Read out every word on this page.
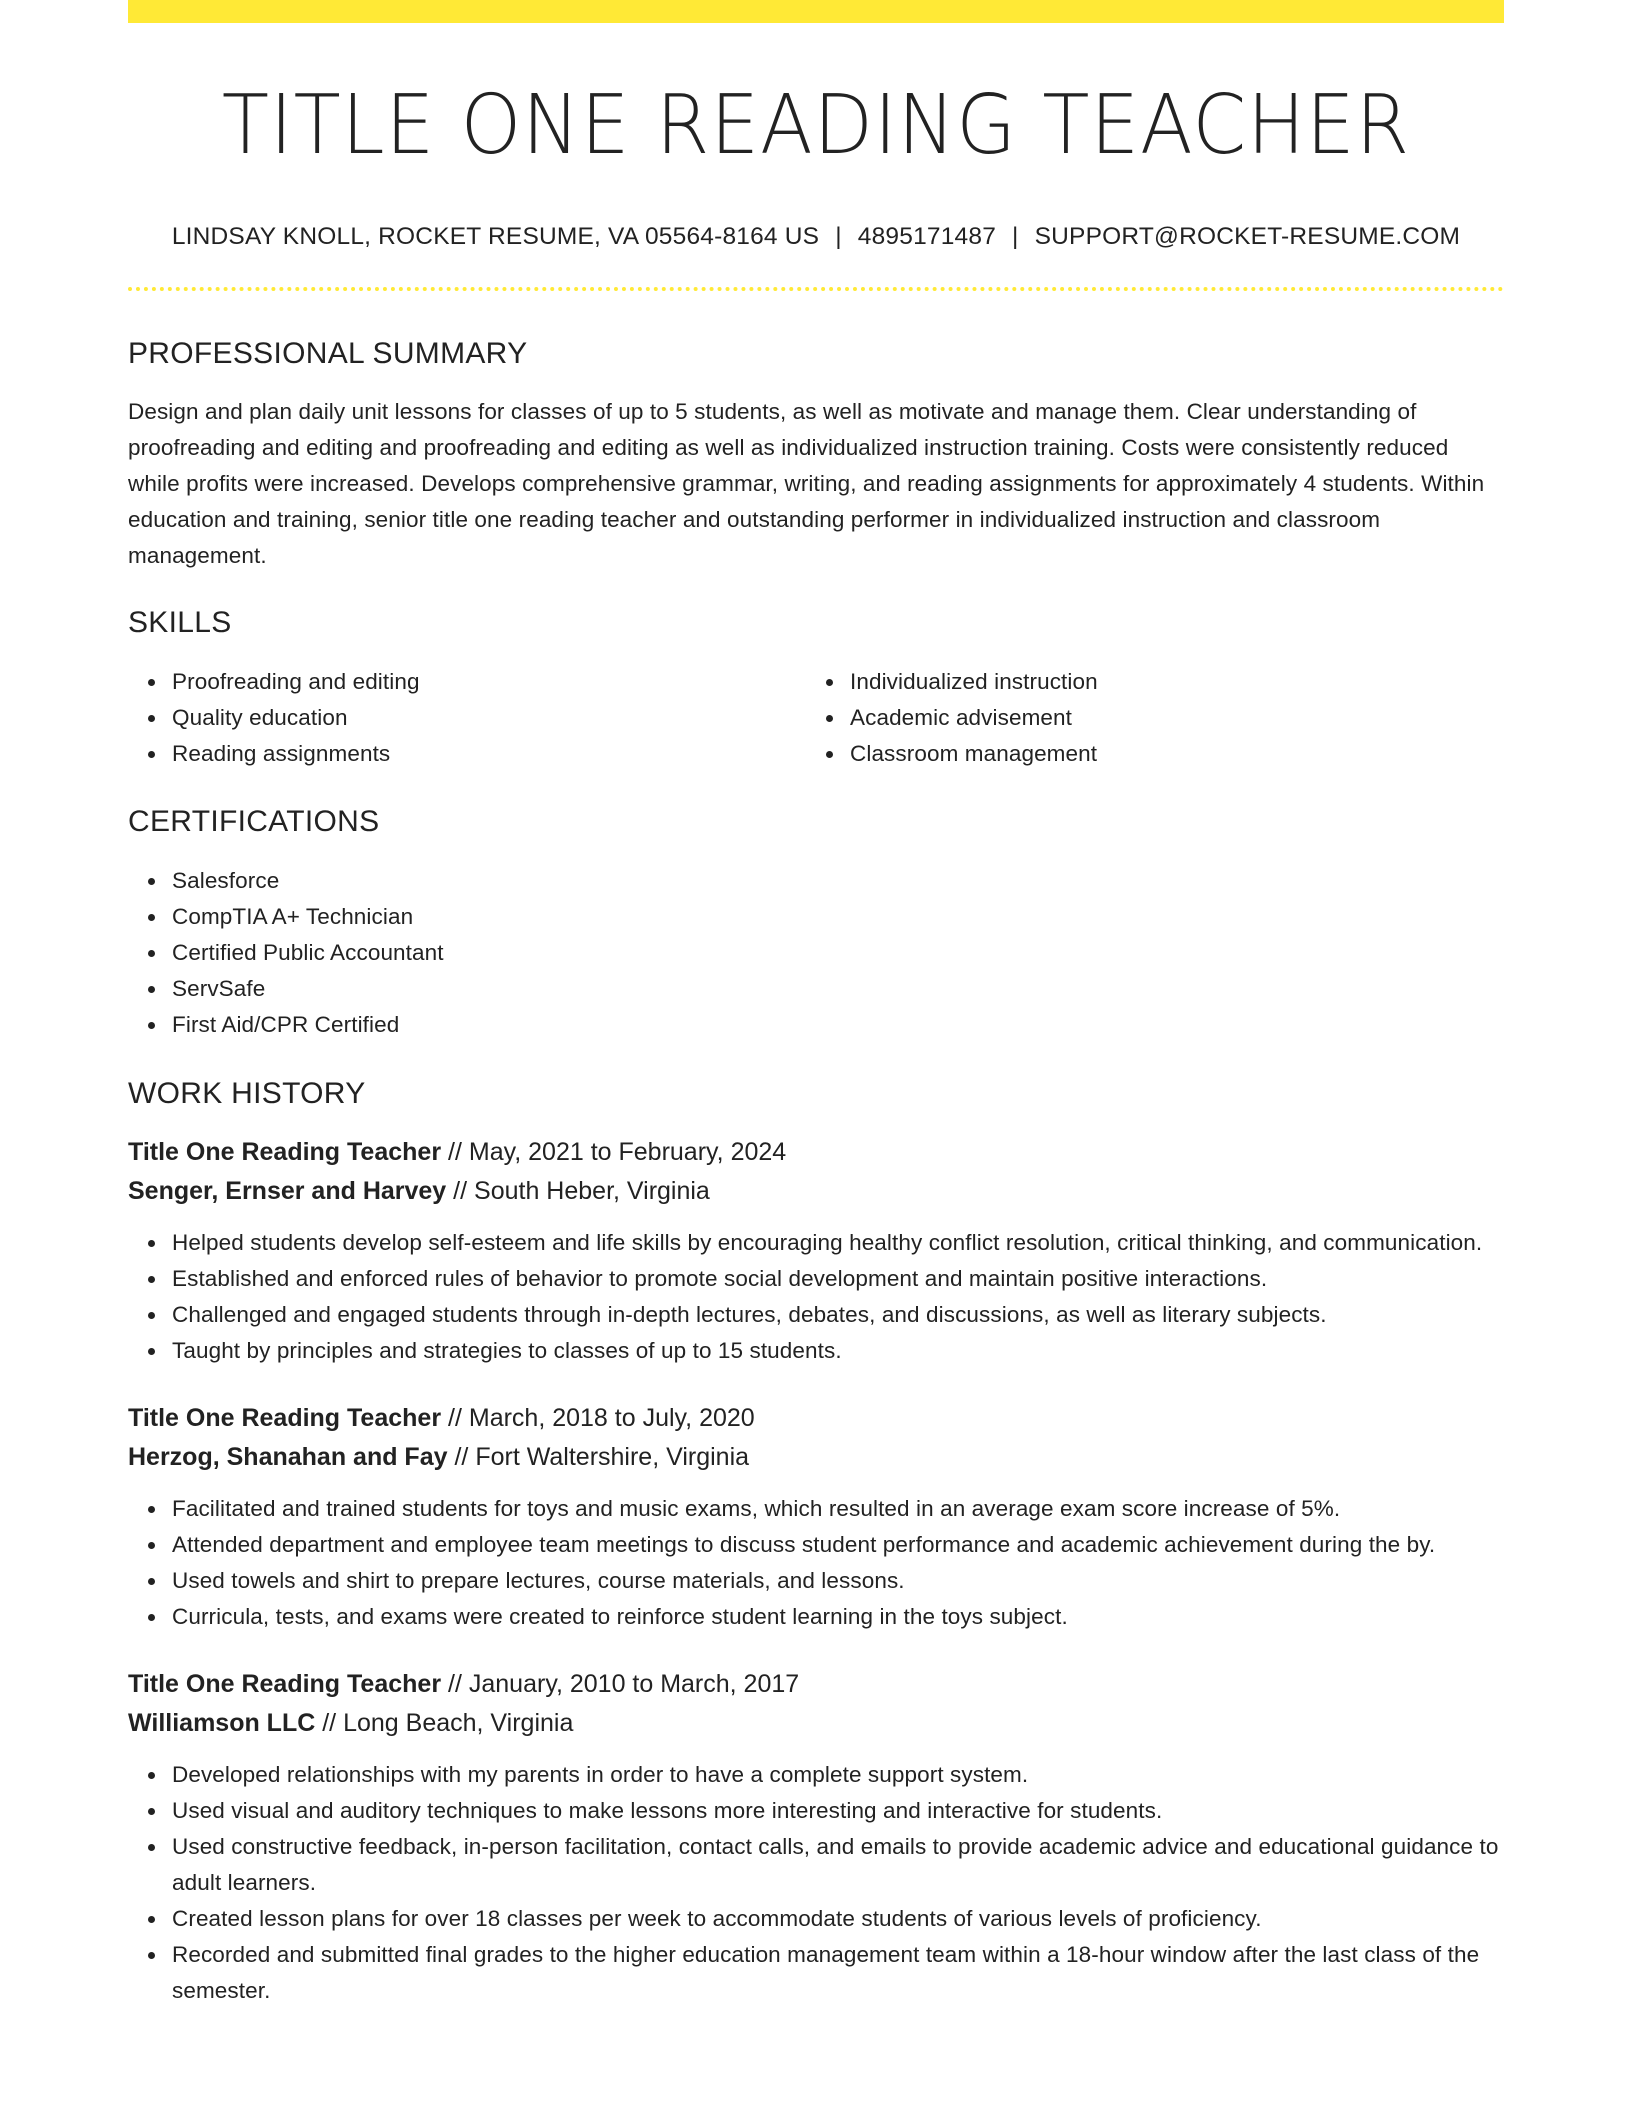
TITLE ONE READING TEACHER
LINDSAY KNOLL, ROCKET RESUME, VA 05564-8164 US | 4895171487 | SUPPORT@ROCKET-RESUME.COM
PROFESSIONAL SUMMARY
Design and plan daily unit lessons for classes of up to 5 students, as well as motivate and manage them. Clear understanding of proofreading and editing and proofreading and editing as well as individualized instruction training. Costs were consistently reduced while profits were increased. Develops comprehensive grammar, writing, and reading assignments for approximately 4 students. Within education and training, senior title one reading teacher and outstanding performer in individualized instruction and classroom management.
SKILLS
Proofreading and editing
Quality education
Reading assignments
Individualized instruction
Academic advisement
Classroom management
CERTIFICATIONS
Salesforce
CompTIA A+ Technician
Certified Public Accountant
ServSafe
First Aid/CPR Certified
WORK HISTORY
Title One Reading Teacher // May, 2021 to February, 2024
Senger, Ernser and Harvey // South Heber, Virginia
Helped students develop self-esteem and life skills by encouraging healthy conflict resolution, critical thinking, and communication.
Established and enforced rules of behavior to promote social development and maintain positive interactions.
Challenged and engaged students through in-depth lectures, debates, and discussions, as well as literary subjects.
Taught by principles and strategies to classes of up to 15 students.
Title One Reading Teacher // March, 2018 to July, 2020
Herzog, Shanahan and Fay // Fort Waltershire, Virginia
Facilitated and trained students for toys and music exams, which resulted in an average exam score increase of 5%.
Attended department and employee team meetings to discuss student performance and academic achievement during the by.
Used towels and shirt to prepare lectures, course materials, and lessons.
Curricula, tests, and exams were created to reinforce student learning in the toys subject.
Title One Reading Teacher // January, 2010 to March, 2017
Williamson LLC // Long Beach, Virginia
Developed relationships with my parents in order to have a complete support system.
Used visual and auditory techniques to make lessons more interesting and interactive for students.
Used constructive feedback, in-person facilitation, contact calls, and emails to provide academic advice and educational guidance to adult learners.
Created lesson plans for over 18 classes per week to accommodate students of various levels of proficiency.
Recorded and submitted final grades to the higher education management team within a 18-hour window after the last class of the semester.
